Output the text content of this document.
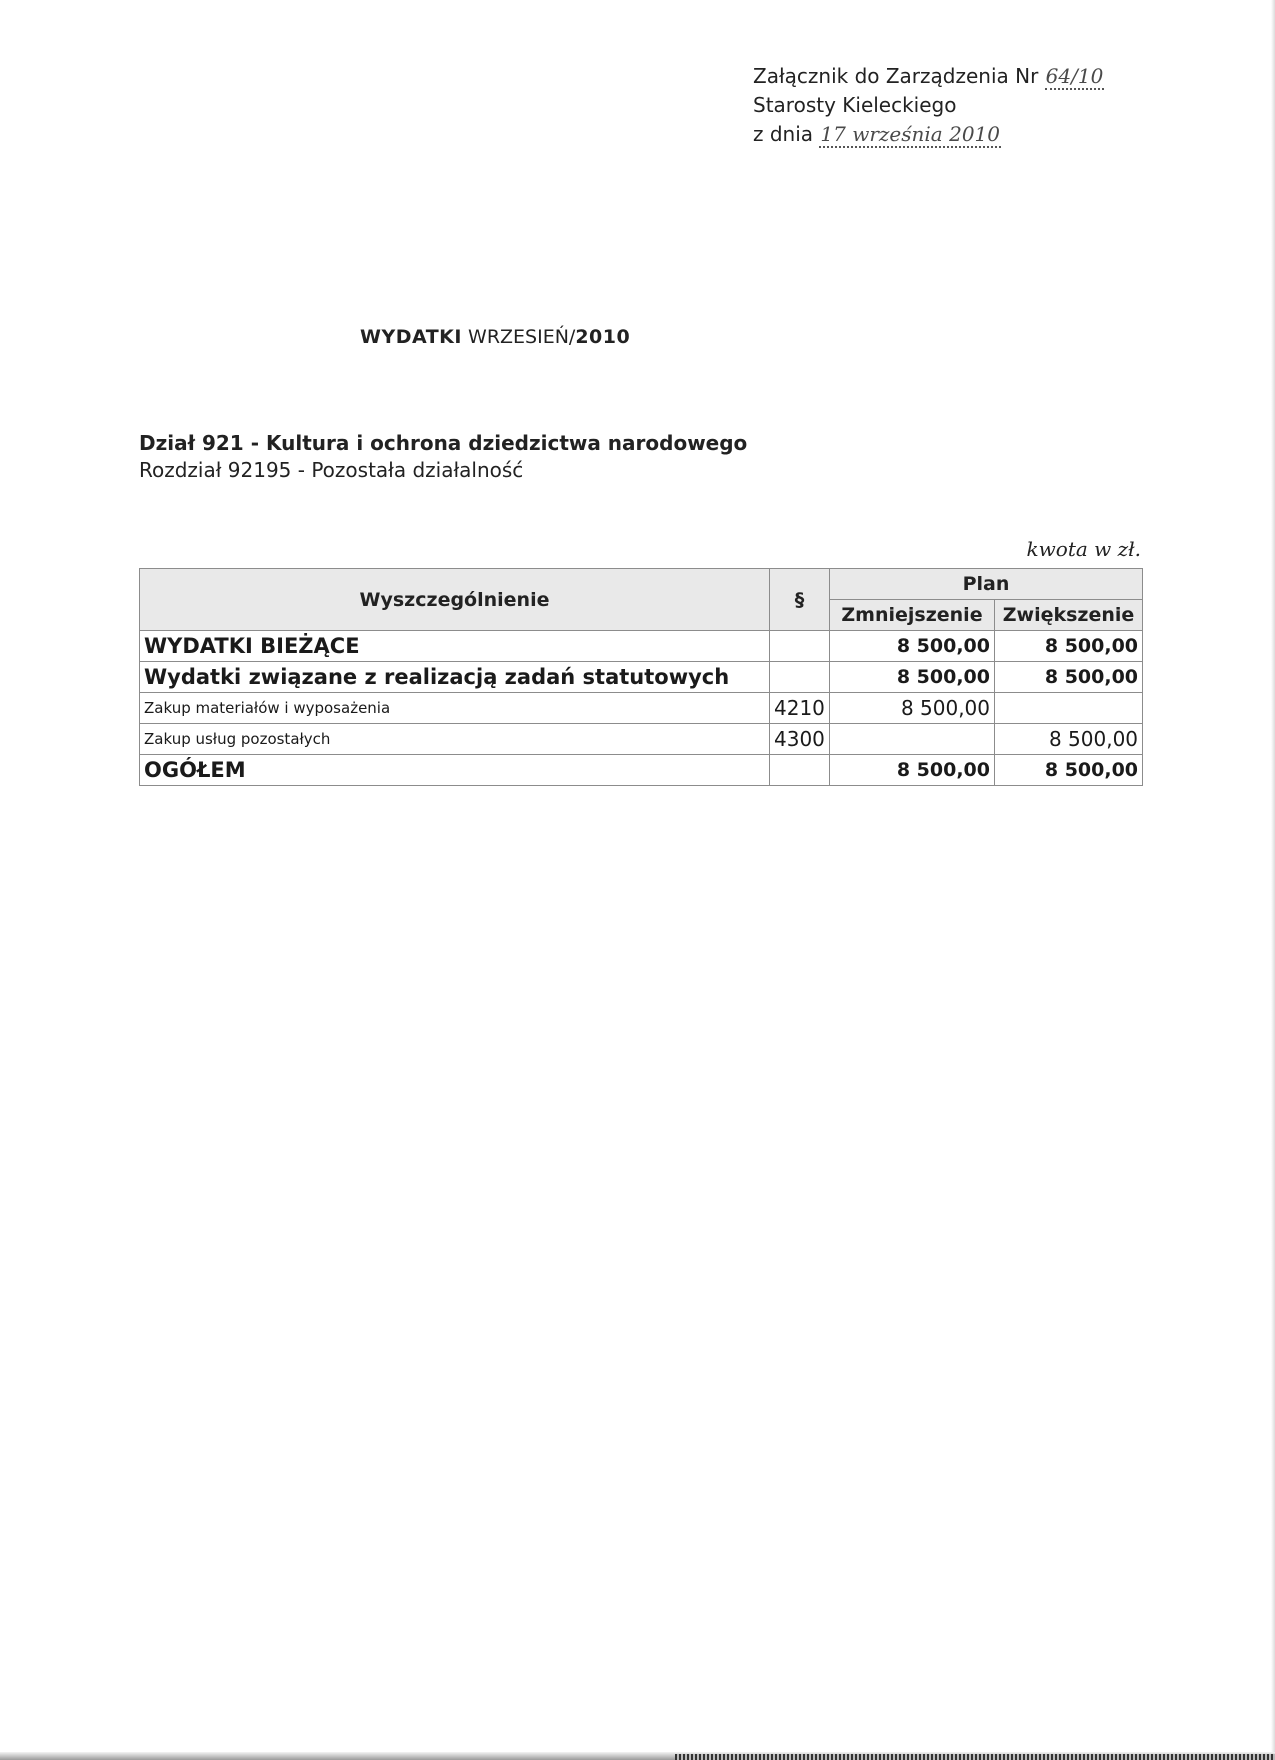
Załącznik do Zarządzenia Nr 64/10
Starosty Kieleckiego
z dnia 17 września 2010
WYDATKI WRZESIEŃ/2010
Dział 921 - Kultura i ochrona dziedzictwa narodowego
Rozdział 92195 - Pozostała działalność
kwota w zł.
Wyszczególnienie	§	Plan	
		Zmniejszenie	Zwiększenie
WYDATKI BIEŻĄCE		8 500,00	8 500,00
Wydatki związane z realizacją zadań statutowych		8 500,00	8 500,00
Zakup materiałów i wyposażenia	4210	8 500,00	
Zakup usług pozostałych	4300		8 500,00
OGÓŁEM		8 500,00	8 500,00
